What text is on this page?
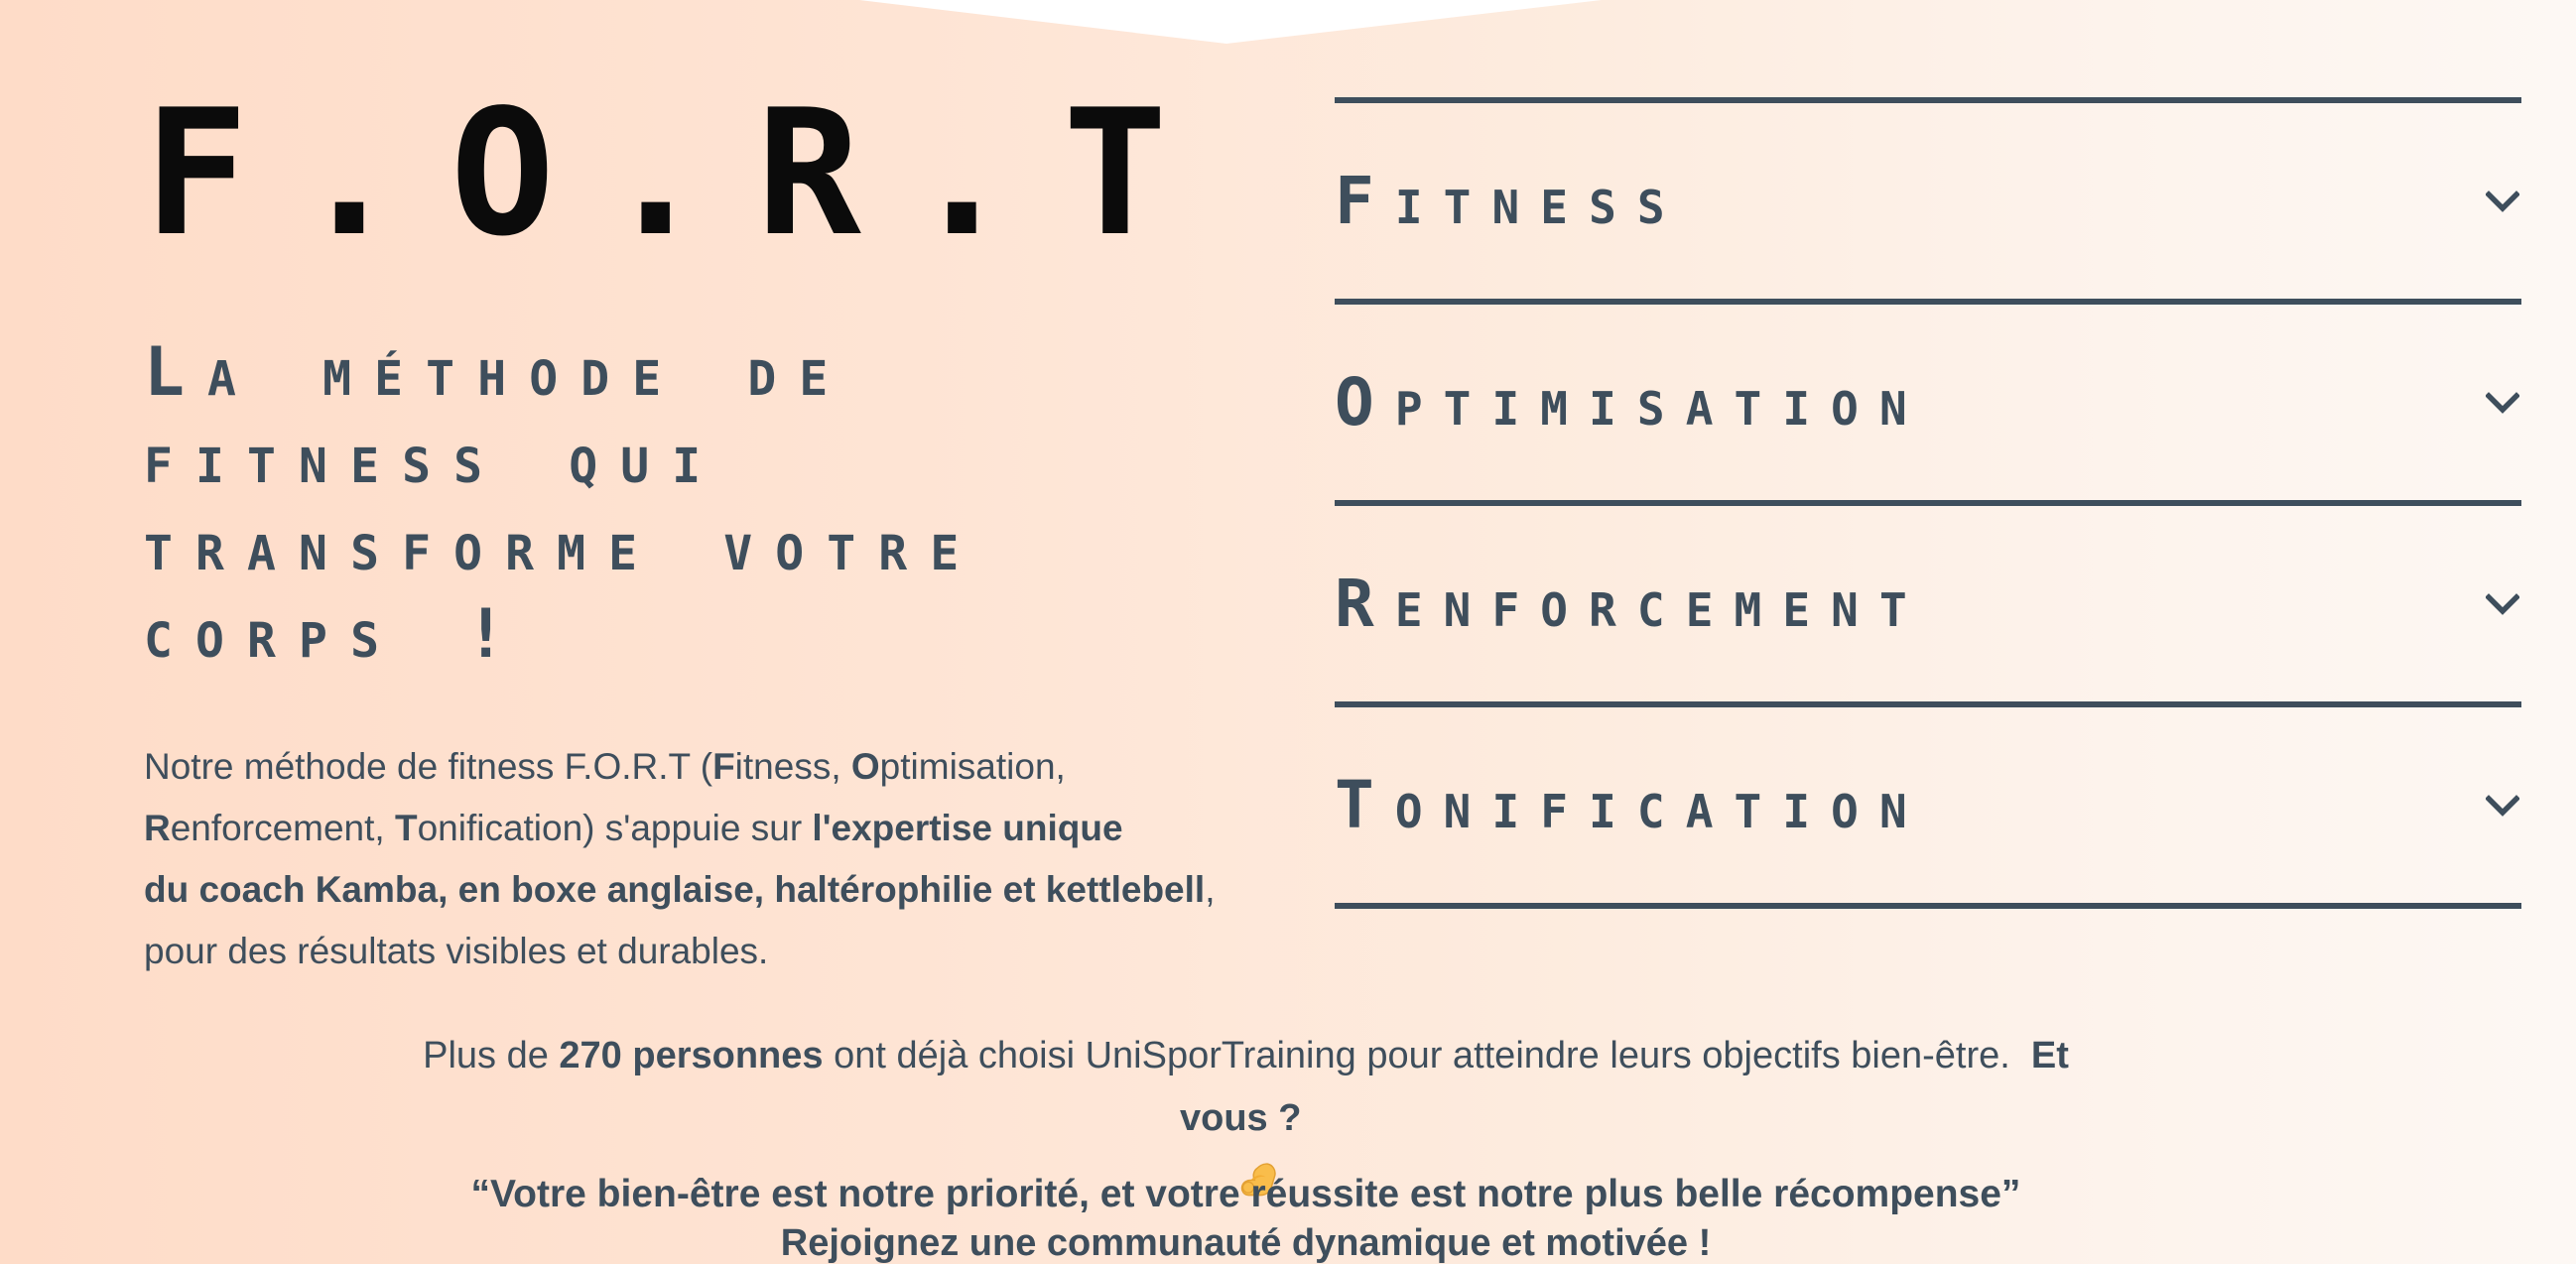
F.O.R.T
La méthode de
fitness qui
transforme votre
corps !

Notre méthode de fitness F.O.R.T (Fitness, Optimisation,
Renforcement, Tonification) s'appuie sur l'expertise unique
du coach Kamba, en boxe anglaise, haltérophilie et kettlebell,
pour des résultats visibles et durables.

Fitness
Optimisation
Renforcement
Tonification

Plus de 270 personnes ont déjà choisi UniSporTraining pour atteindre leurs objectifs bien-être.  Et
vous ?

Rejoignez une communauté dynamique et motivée !

“Votre bien-être est notre priorité, et votre réussite est notre plus belle récompense”
